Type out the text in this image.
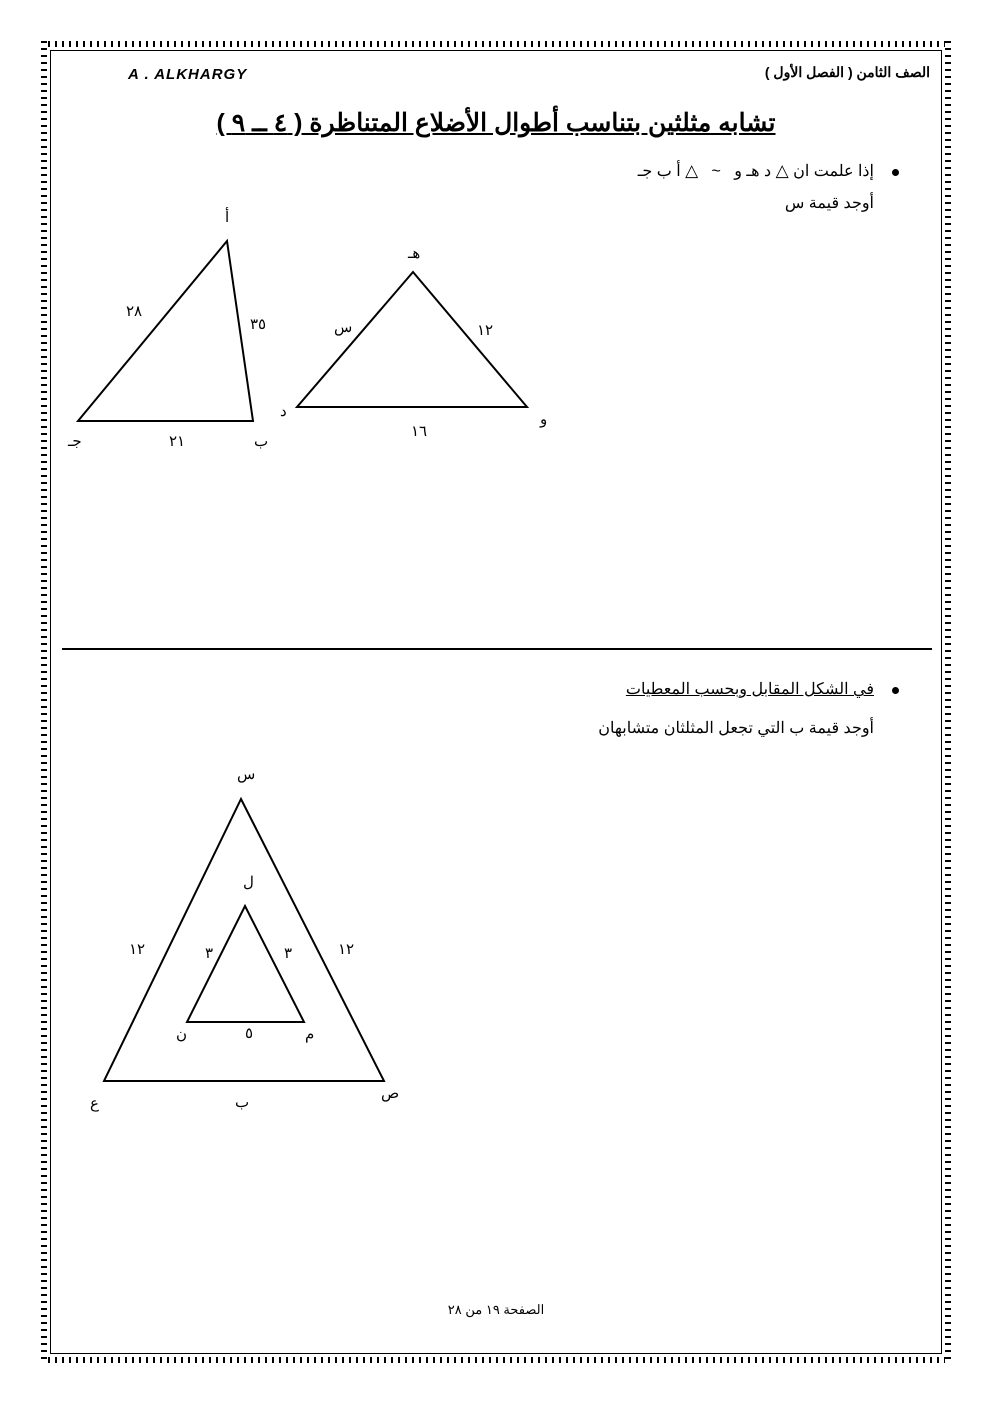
A . ALKHARGY	الصف الثامن ( الفصل الأول )
تشابه مثلثين بتناسب أطوال الأضلاع المتناظرة ( ٤ ــ ٩ )
إذا علمت ان △ د هـ و   ~   △ أ ب جـ
أوجد قيمة س
أ
ب
جـ
٢٨
٣٥
٢١
هـ
د	و
س	١٢
١٦
في الشكل المقابل وبحسب المعطيات
أوجد قيمة ب التي تجعل المثلثان متشابهان
س
ع
ص
١٢	١٢
ب
ل
ن	م
٣	٣
٥
الصفحة ١٩ من ٢٨
